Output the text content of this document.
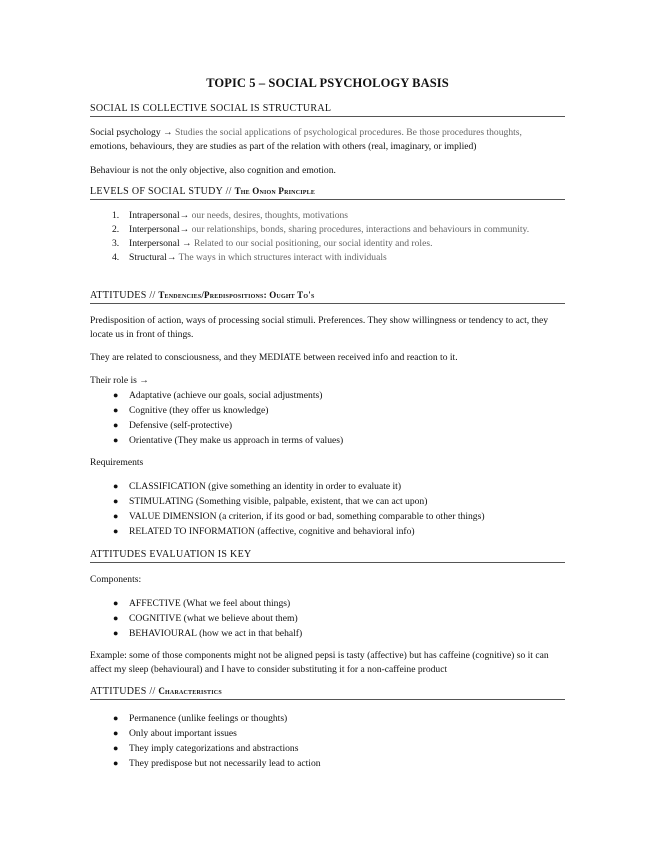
TOPIC 5 – SOCIAL PSYCHOLOGY BASIS
SOCIAL IS COLLECTIVE SOCIAL IS STRUCTURAL
Social psychology → Studies the social applications of psychological procedures. Be those procedures thoughts,
emotions, behaviours, they are studies as part of the relation with others (real, imaginary, or implied)
Behaviour is not the only objective, also cognition and emotion.
LEVELS OF SOCIAL STUDY // The Onion Principle
1. Intrapersonal→ our needs, desires, thoughts, motivations
2. Interpersonal→ our relationships, bonds, sharing procedures, interactions and behaviours in community.
3. Interpersonal → Related to our social positioning, our social identity and roles.
4. Structural→ The ways in which structures interact with individuals
ATTITUDES // Tendencies/Predispositions: Ought To's
Predisposition of action, ways of processing social stimuli. Preferences. They show willingness or tendency to act, they locate us in front of things.
They are related to consciousness, and they MEDIATE between received info and reaction to it.
Their role is →
● Adaptative (achieve our goals, social adjustments)
● Cognitive (they offer us knowledge)
● Defensive (self-protective)
● Orientative (They make us approach in terms of values)
Requirements
● CLASSIFICATION (give something an identity in order to evaluate it)
● STIMULATING (Something visible, palpable, existent, that we can act upon)
● VALUE DIMENSION (a criterion, if its good or bad, something comparable to other things)
● RELATED TO INFORMATION (affective, cognitive and behavioral info)
ATTITUDES EVALUATION IS KEY
Components:
● AFFECTIVE (What we feel about things)
● COGNITIVE (what we believe about them)
● BEHAVIOURAL (how we act in that behalf)
Example: some of those components might not be aligned pepsi is tasty (affective) but has caffeine (cognitive) so it can affect my sleep (behavioural) and I have to consider substituting it for a non-caffeine product
ATTITUDES // Characteristics
● Permanence (unlike feelings or thoughts)
● Only about important issues
● They imply categorizations and abstractions
● They predispose but not necessarily lead to action
